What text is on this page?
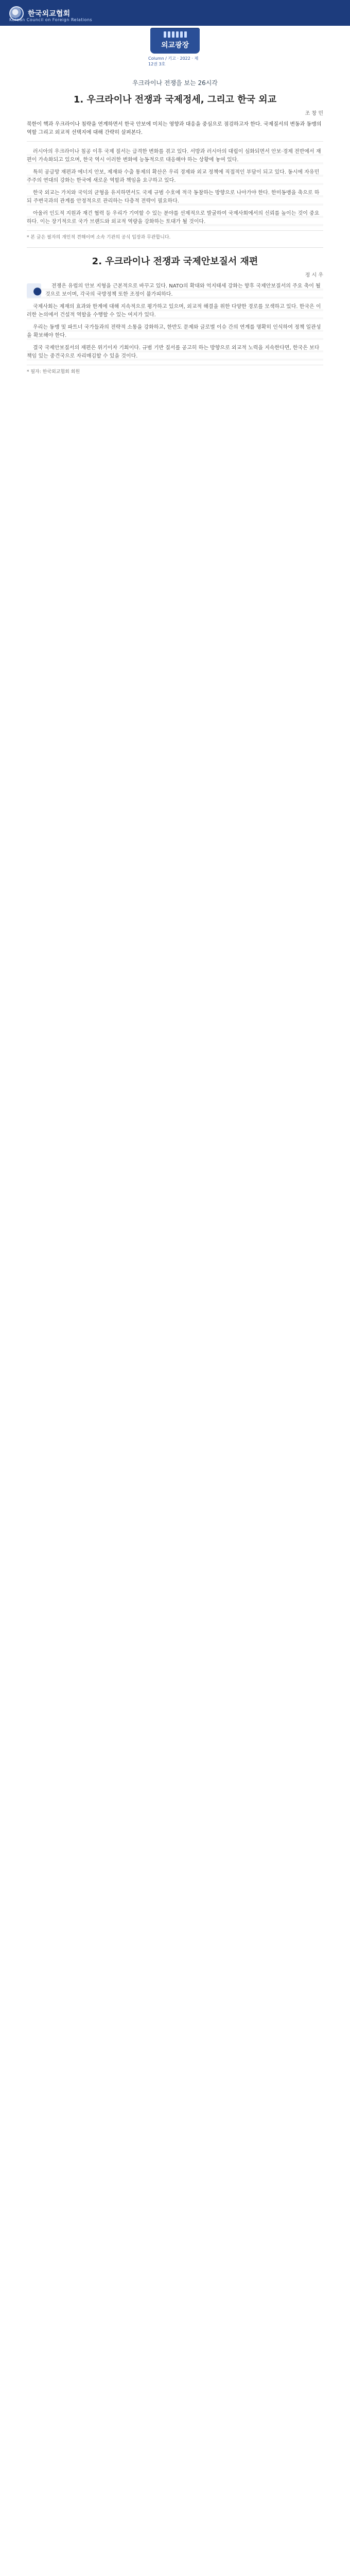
한국외교협회
Korean Council on Foreign Relations
외교광장
Column / 기고 · 2022 · 제12권 3호
우크라이나 전쟁을 보는 26시각
1. 우크라이나 전쟁과 국제정세, 그리고 한국 외교
조 창 민
북한이 핵과 우크라이나 침략을 연계하면서 한국 안보에 미치는 영향과 대응을 중심으로 점검하고자 한다. 국제질서의 변동과 동맹의 역할 그리고 외교적 선택지에 대해 간략히 살펴본다.

러시아의 우크라이나 침공 이후 국제 질서는 급격한 변화를 겪고 있다. 서방과 러시아의 대립이 심화되면서 안보·경제 전반에서 재편이 가속화되고 있으며, 한국 역시 이러한 변화에 능동적으로 대응해야 하는 상황에 놓여 있다.

특히 공급망 재편과 에너지 안보, 제재와 수출 통제의 확산은 우리 경제와 외교 정책에 직접적인 부담이 되고 있다. 동시에 자유민주주의 연대의 강화는 한국에 새로운 역할과 책임을 요구하고 있다.

한국 외교는 가치와 국익의 균형을 유지하면서도 국제 규범 수호에 적극 동참하는 방향으로 나아가야 한다. 한미동맹을 축으로 하되 주변국과의 관계를 안정적으로 관리하는 다층적 전략이 필요하다.

아울러 인도적 지원과 재건 협력 등 우리가 기여할 수 있는 분야를 선제적으로 발굴하여 국제사회에서의 신뢰를 높이는 것이 중요하다. 이는 장기적으로 국가 브랜드와 외교적 역량을 강화하는 토대가 될 것이다.

* 본 글은 필자의 개인적 견해이며 소속 기관의 공식 입장과 무관합니다.
2. 우크라이나 전쟁과 국제안보질서 재편
정 시 우

● 전쟁은 유럽의 안보 지형을 근본적으로 바꾸고 있다. NATO의 확대와 억지태세 강화는 향후 국제안보질서의 주요 축이 될 것으로 보이며, 각국의 국방정책 또한 조정이 불가피하다.

국제사회는 제재의 효과와 한계에 대해 지속적으로 평가하고 있으며, 외교적 해결을 위한 다양한 경로를 모색하고 있다. 한국은 이러한 논의에서 건설적 역할을 수행할 수 있는 여지가 있다.

우리는 동맹 및 파트너 국가들과의 전략적 소통을 강화하고, 한반도 문제와 글로벌 이슈 간의 연계를 명확히 인식하여 정책 일관성을 확보해야 한다.

결국 국제안보질서의 재편은 위기이자 기회이다. 규범 기반 질서를 공고히 하는 방향으로 외교적 노력을 지속한다면, 한국은 보다 책임 있는 중견국으로 자리매김할 수 있을 것이다.

* 필자: 한국외교협회 회원
